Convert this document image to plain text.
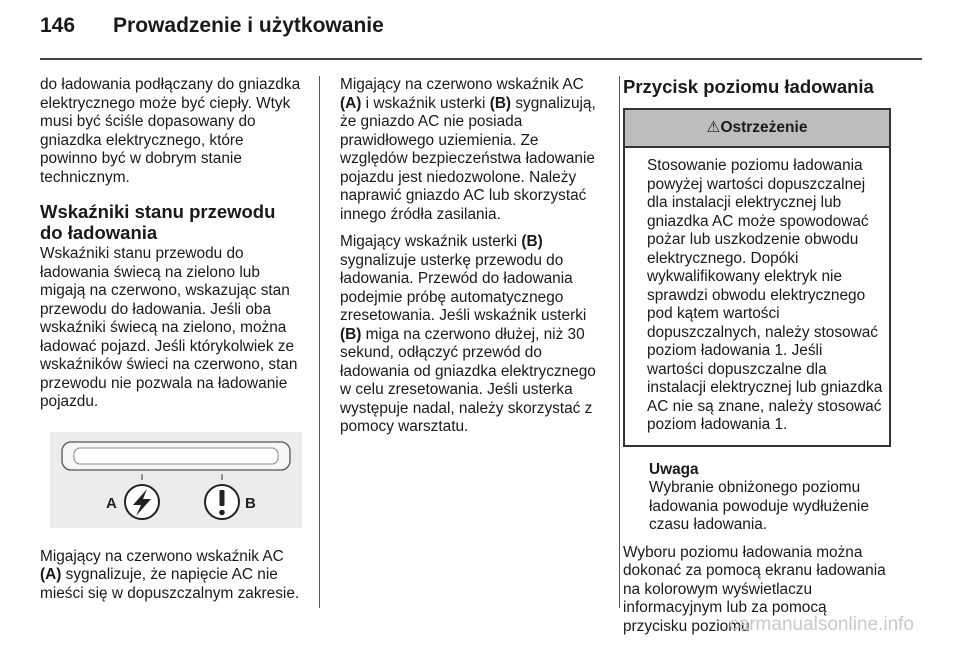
146 Prowadzenie i użytkowanie

do ładowania podłączany do gniazdka elektrycznego może być ciepły. Wtyk musi być ściśle dopasowany do gniazdka elektrycznego, które powinno być w dobrym stanie technicznym.

Wskaźniki stanu przewodu do ładowania

Wskaźniki stanu przewodu do ładowania świecą na zielono lub migają na czerwono, wskazując stan przewodu do ładowania. Jeśli oba wskaźniki świecą na zielono, można ładować pojazd. Jeśli którykolwiek ze wskaźników świeci na czerwono, stan przewodu nie pozwala na ładowanie pojazdu.

A	B

Migający na czerwono wskaźnik AC (A) sygnalizuje, że napięcie AC nie mieści się w dopuszczalnym zakresie.

Migający na czerwono wskaźnik AC (A) i wskaźnik usterki (B) sygnalizują, że gniazdo AC nie posiada prawidłowego uziemienia. Ze względów bezpieczeństwa ładowanie pojazdu jest niedozwolone. Należy naprawić gniazdo AC lub skorzystać innego źródła zasilania.

Migający wskaźnik usterki (B) sygnalizuje usterkę przewodu do ładowania. Przewód do ładowania podejmie próbę automatycznego zresetowania. Jeśli wskaźnik usterki (B) miga na czerwono dłużej, niż 30 sekund, odłączyć przewód do ładowania od gniazdka elektrycznego w celu zresetowania. Jeśli usterka występuje nadal, należy skorzystać z pomocy warsztatu.

Przycisk poziomu ładowania
⚠Ostrzeżenie
Stosowanie poziomu ładowania powyżej wartości dopuszczalnej dla instalacji elektrycznej lub gniazdka AC może spowodować pożar lub uszkodzenie obwodu elektrycznego. Dopóki wykwalifikowany elektryk nie sprawdzi obwodu elektrycznego pod kątem wartości dopuszczalnych, należy stosować poziom ładowania 1. Jeśli wartości dopuszczalne dla instalacji elektrycznej lub gniazdka AC nie są znane, należy stosować poziom ładowania 1.
Uwaga
Wybranie obniżonego poziomu ładowania powoduje wydłużenie czasu ładowania.

Wyboru poziomu ładowania można dokonać za pomocą ekranu ładowania na kolorowym wyświetlaczu informacyjnym lub za pomocą przycisku poziomu

carmanualsonline.info
